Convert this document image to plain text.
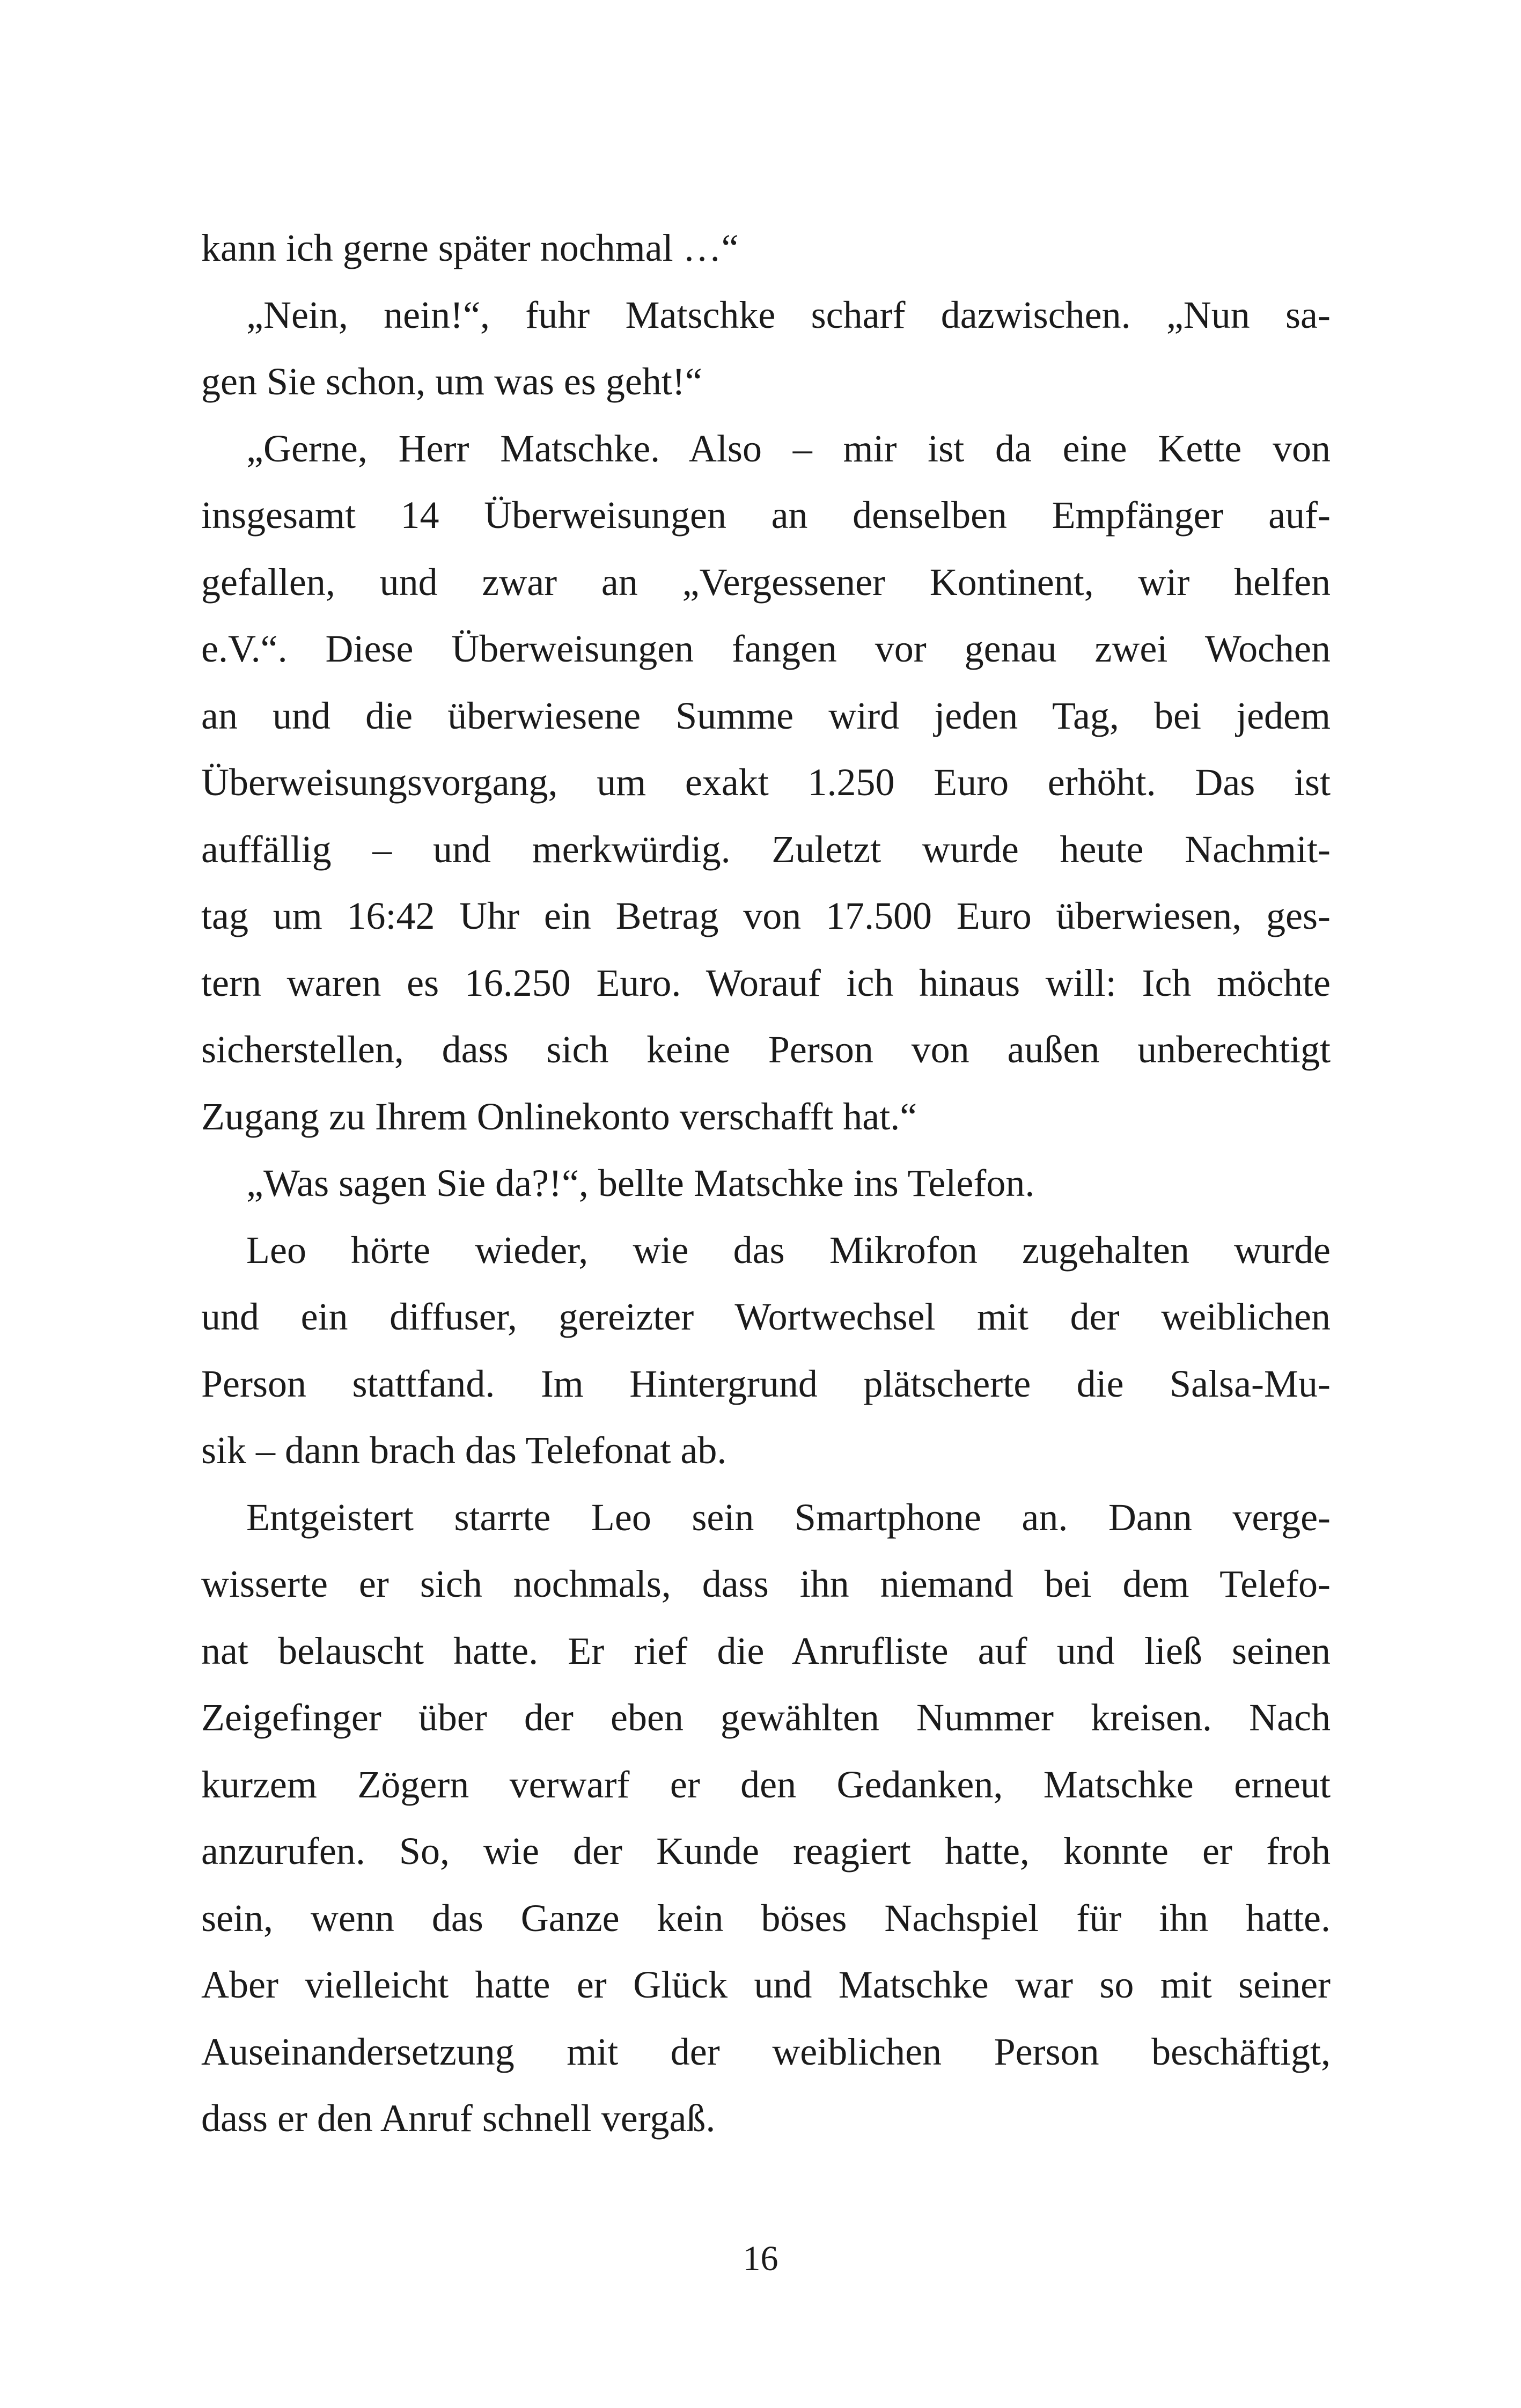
kann ich gerne später nochmal …“
„Nein, nein!“, fuhr Matschke scharf dazwischen. „Nun sa-
gen Sie schon, um was es geht!“
„Gerne, Herr Matschke. Also – mir ist da eine Kette von
insgesamt 14 Überweisungen an denselben Empfänger auf-
gefallen, und zwar an „Vergessener Kontinent, wir helfen
e.V.“. Diese Überweisungen fangen vor genau zwei Wochen
an und die überwiesene Summe wird jeden Tag, bei jedem
Überweisungsvorgang, um exakt 1.250 Euro erhöht. Das ist
auffällig – und merkwürdig. Zuletzt wurde heute Nachmit-
tag um 16:42 Uhr ein Betrag von 17.500 Euro überwiesen, ges-
tern waren es 16.250 Euro. Worauf ich hinaus will: Ich möchte
sicherstellen, dass sich keine Person von außen unberechtigt
Zugang zu Ihrem Onlinekonto verschafft hat.“
„Was sagen Sie da?!“, bellte Matschke ins Telefon.
Leo hörte wieder, wie das Mikrofon zugehalten wurde
und ein diffuser, gereizter Wortwechsel mit der weiblichen
Person stattfand. Im Hintergrund plätscherte die Salsa-Mu-
sik – dann brach das Telefonat ab.
Entgeistert starrte Leo sein Smartphone an. Dann verge-
wisserte er sich nochmals, dass ihn niemand bei dem Telefo-
nat belauscht hatte. Er rief die Anrufliste auf und ließ seinen
Zeigefinger über der eben gewählten Nummer kreisen. Nach
kurzem Zögern verwarf er den Gedanken, Matschke erneut
anzurufen. So, wie der Kunde reagiert hatte, konnte er froh
sein, wenn das Ganze kein böses Nachspiel für ihn hatte.
Aber vielleicht hatte er Glück und Matschke war so mit seiner
Auseinandersetzung mit der weiblichen Person beschäftigt,
dass er den Anruf schnell vergaß.
16
